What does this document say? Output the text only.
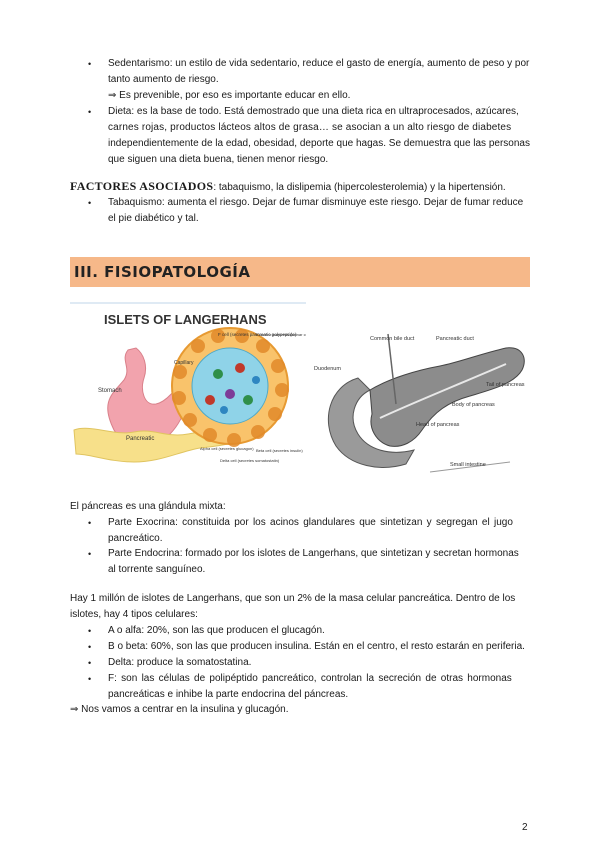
• Sedentarismo: un estilo de vida sedentario, reduce el gasto de energía, aumento de peso y por
tanto aumento de riesgo.
⇒ Es prevenible, por eso es importante educar en ello.
• Dieta: es la base de todo. Está demostrado que una dieta rica en ultraprocesados, azúcares,
carnes rojas, productos lácteos altos de grasa… se asocian a un alto riesgo de diabetes
independientemente de la edad, obesidad, deporte que hagas. Se demuestra que las personas
que siguen una dieta buena, tienen menor riesgo.
FACTORES ASOCIADOS: tabaquismo, la dislipemia (hipercolesterolemia) y la hipertensión.
• Tabaquismo: aumenta el riesgo. Dejar de fumar disminuye este riesgo. Dejar de fumar reduce
el pie diabético y tal.
III. FISIOPATOLOGÍA
ISLETS OF LANGERHANS
F cell (secretes pancreatic polypeptide)
Exocrine pancreas (acinar c
Capillary
Stomach
Pancreatic
Alpha cell (secretes glucagon)
Delta cell (secretes somatostatin)
Beta cell (secretes insulin)
Common bile duct	Pancreatic duct
Duodenum
Tail of pancreas
Body of pancreas
Head of pancreas
Small intestine
El páncreas es una glándula mixta:
• Parte Exocrina: constituida por los acinos glandulares que sintetizan y segregan el jugo
pancreático.
• Parte Endocrina: formado por los islotes de Langerhans, que sintetizan y secretan hormonas
al torrente sanguíneo.
Hay 1 millón de islotes de Langerhans, que son un 2% de la masa celular pancreática. Dentro de los
islotes, hay 4 tipos celulares:
• A o alfa: 20%, son las que producen el glucagón.
• B o beta: 60%, son las que producen insulina. Están en el centro, el resto estarán en periferia.
• Delta: produce la somatostatina.
• F: son las células de polipéptido pancreático, controlan la secreción de otras hormonas
pancreáticas e inhibe la parte endocrina del páncreas.
⇒ Nos vamos a centrar en la insulina y glucagón.
2
